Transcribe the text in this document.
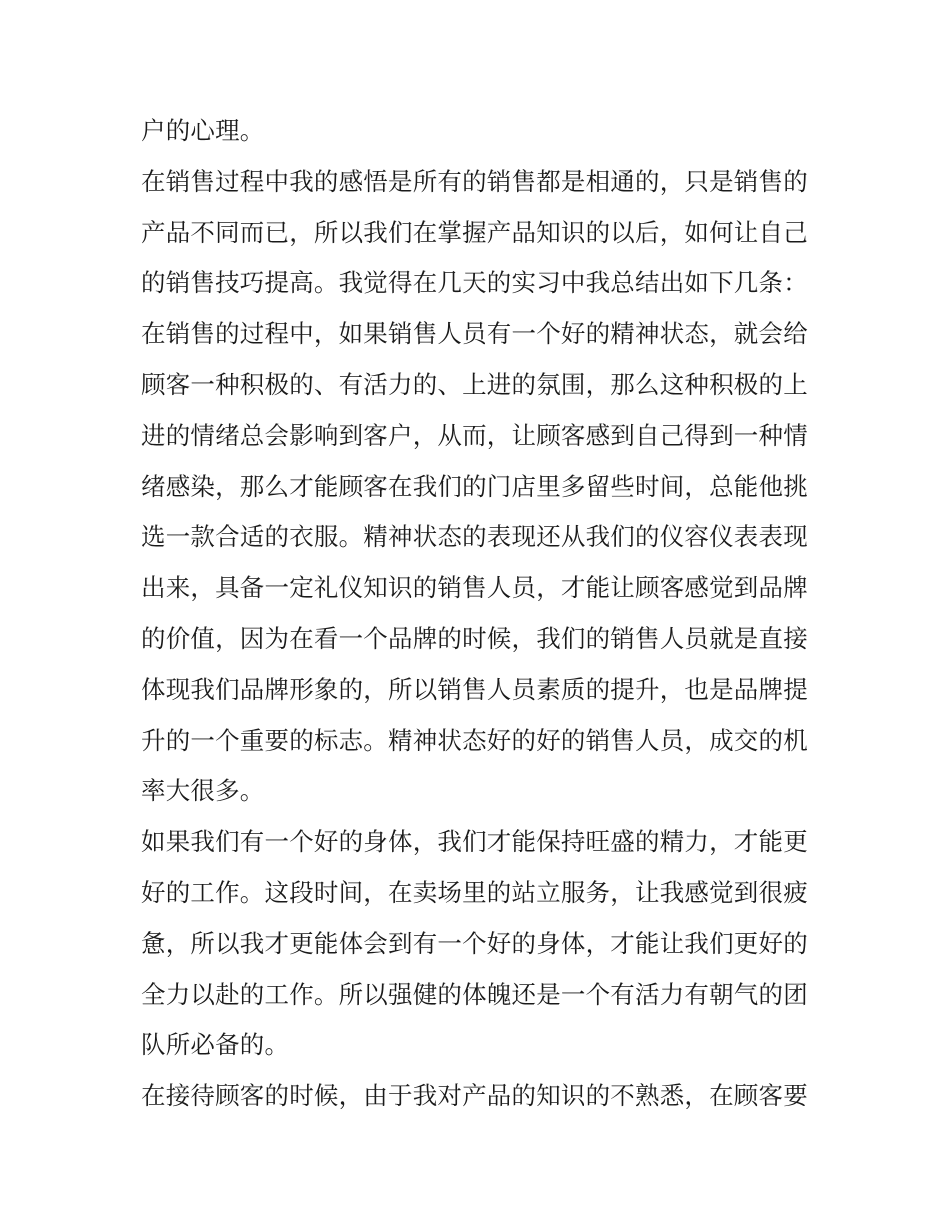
户的心理。
在销售过程中我的感悟是所有的销售都是相通的，只是销售的
产品不同而已，所以我们在掌握产品知识的以后，如何让自己
的销售技巧提高。我觉得在几天的实习中我总结出如下几条：
在销售的过程中，如果销售人员有一个好的精神状态，就会给
顾客一种积极的、有活力的、上进的氛围，那么这种积极的上
进的情绪总会影响到客户，从而，让顾客感到自己得到一种情
绪感染，那么才能顾客在我们的门店里多留些时间，总能他挑
选一款合适的衣服。精神状态的表现还从我们的仪容仪表表现
出来，具备一定礼仪知识的销售人员，才能让顾客感觉到品牌
的价值，因为在看一个品牌的时候，我们的销售人员就是直接
体现我们品牌形象的，所以销售人员素质的提升，也是品牌提
升的一个重要的标志。精神状态好的好的销售人员，成交的机
率大很多。
如果我们有一个好的身体，我们才能保持旺盛的精力，才能更
好的工作。这段时间，在卖场里的站立服务，让我感觉到很疲
惫，所以我才更能体会到有一个好的身体，才能让我们更好的
全力以赴的工作。所以强健的体魄还是一个有活力有朝气的团
队所必备的。
在接待顾客的时候，由于我对产品的知识的不熟悉，在顾客要
